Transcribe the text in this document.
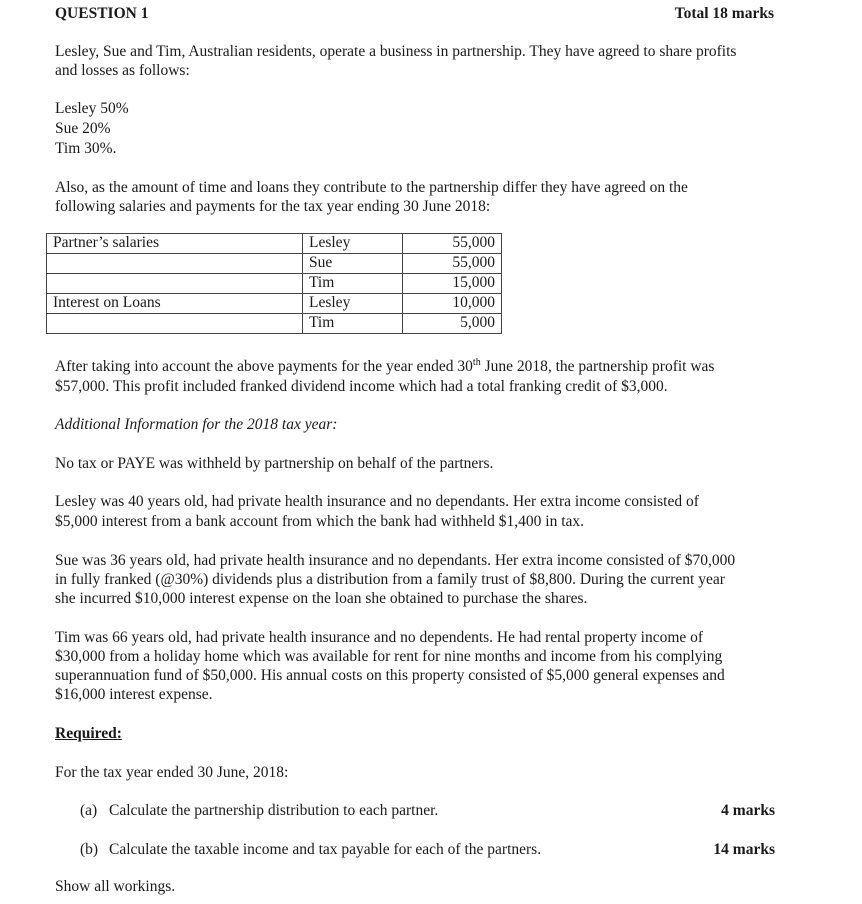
QUESTION 1	Total 18 marks
Lesley, Sue and Tim, Australian residents, operate a business in partnership. They have agreed to share profits
and losses as follows:
Lesley 50%
Sue 20%
Tim 30%.
Also, as the amount of time and loans they contribute to the partnership differ they have agreed on the
following salaries and payments for the tax year ending 30 June 2018:
Partner’s salaries	Lesley	55,000
	Sue	55,000
	Tim	15,000
Interest on Loans	Lesley	10,000
	Tim	5,000
After taking into account the above payments for the year ended 30th June 2018, the partnership profit was
$57,000. This profit included franked dividend income which had a total franking credit of $3,000.
Additional Information for the 2018 tax year:
No tax or PAYE was withheld by partnership on behalf of the partners.
Lesley was 40 years old, had private health insurance and no dependants. Her extra income consisted of
$5,000 interest from a bank account from which the bank had withheld $1,400 in tax.
Sue was 36 years old, had private health insurance and no dependants. Her extra income consisted of $70,000
in fully franked (@30%) dividends plus a distribution from a family trust of $8,800. During the current year
she incurred $10,000 interest expense on the loan she obtained to purchase the shares.
Tim was 66 years old, had private health insurance and no dependents. He had rental property income of
$30,000 from a holiday home which was available for rent for nine months and income from his complying
superannuation fund of $50,000. His annual costs on this property consisted of $5,000 general expenses and
$16,000 interest expense.
Required:
For the tax year ended 30 June, 2018:
(a) Calculate the partnership distribution to each partner.	4 marks
(b) Calculate the taxable income and tax payable for each of the partners.	14 marks
Show all workings.
